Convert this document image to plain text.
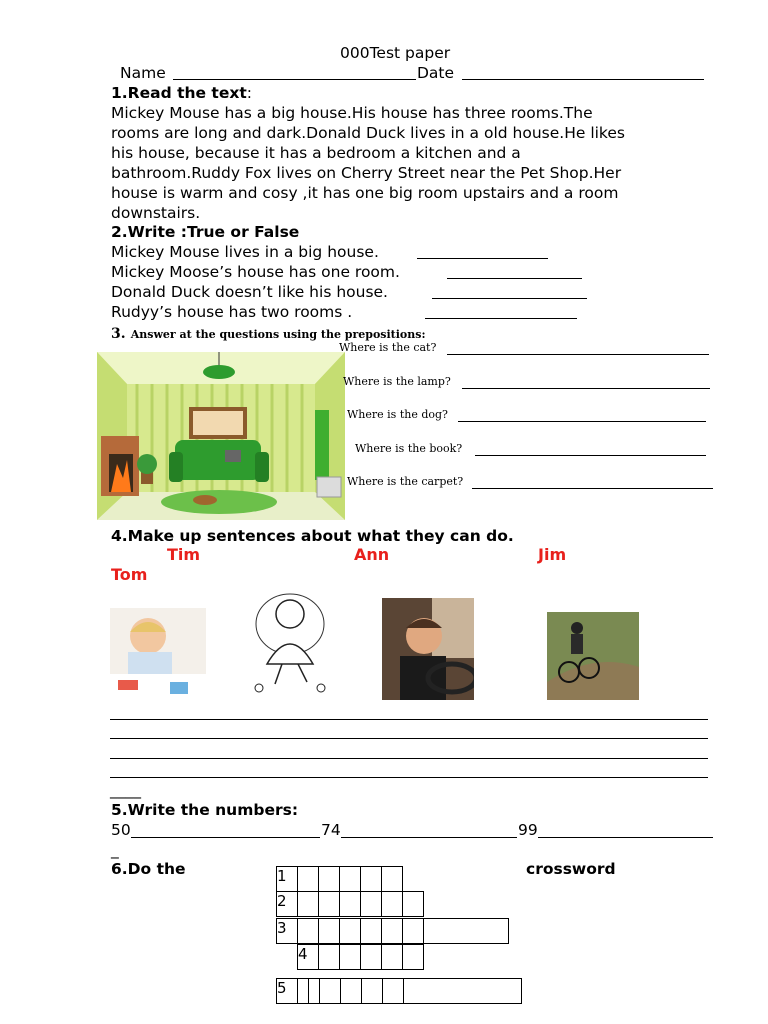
000Test paper
Name	Date
1.Read the text:
Mickey Mouse has a big house.His house has three rooms.The
rooms are long and dark.Donald Duck lives in a old house.He likes
his house, because it has a bedroom a kitchen and a
bathroom.Ruddy Fox lives on Cherry Street near the Pet Shop.Her
house is warm and cosy ,it has one big room upstairs and a room
downstairs.
2.Write :True or False
Mickey Mouse lives in a big house.
Mickey Moose’s house has one room.
Donald Duck doesn’t like his house.
Rudyy’s house has two rooms .
3. Answer at the questions using the prepositions:
Where is the cat?
Where is the lamp?
Where is the dog?
Where is the book?
Where is the carpet?
4.Make up sentences about what they can do.
Tim	Ann	Jim
Tom
____
5.Write the numbers:
50	74	99
_
6.Do the	crossword
1					
2						
3							
4					
5							
